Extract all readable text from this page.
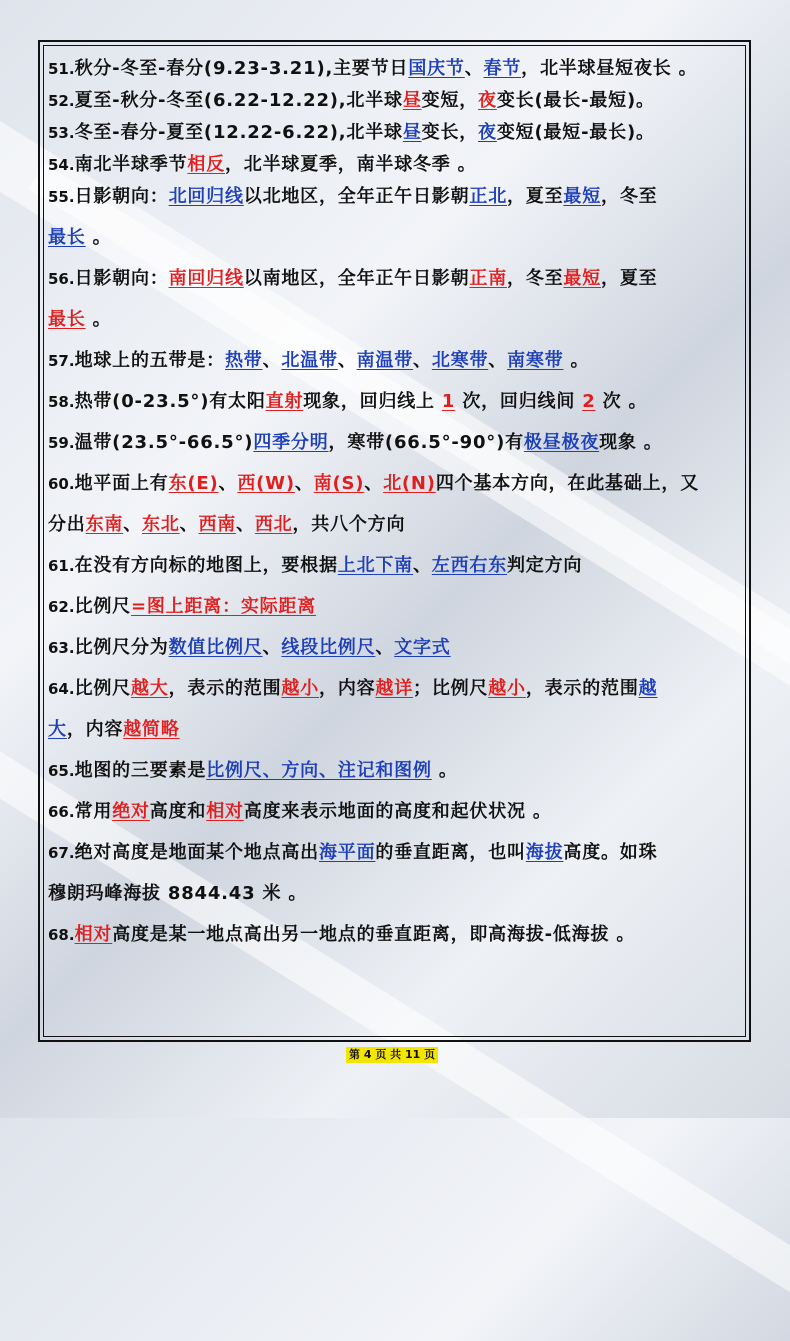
51.秋分-冬至-春分(9.23-3.21),主要节日国庆节、春节，北半球昼短夜长 。
52.夏至-秋分-冬至(6.22-12.22),北半球昼变短，夜变长(最长-最短)。
53.冬至-春分-夏至(12.22-6.22),北半球昼变长，夜变短(最短-最长)。
54.南北半球季节相反，北半球夏季，南半球冬季 。
55.日影朝向：北回归线以北地区，全年正午日影朝正北，夏至最短，冬至
最长 。
56.日影朝向：南回归线以南地区，全年正午日影朝正南，冬至最短，夏至
最长 。
57.地球上的五带是：热带、北温带、南温带、北寒带、南寒带 。
58.热带(0-23.5°)有太阳直射现象，回归线上 1 次，回归线间 2 次 。
59.温带(23.5°-66.5°)四季分明，寒带(66.5°-90°)有极昼极夜现象 。
60.地平面上有东(E)、西(W)、南(S)、北(N)四个基本方向，在此基础上，又
分出东南、东北、西南、西北，共八个方向
61.在没有方向标的地图上，要根据上北下南、左西右东判定方向
62.比例尺=图上距离：实际距离
63.比例尺分为数值比例尺、线段比例尺、文字式
64.比例尺越大，表示的范围越小，内容越详；比例尺越小，表示的范围越
大，内容越简略
65.地图的三要素是比例尺、方向、注记和图例 。
66.常用绝对高度和相对高度来表示地面的高度和起伏状况 。
67.绝对高度是地面某个地点高出海平面的垂直距离，也叫海拔高度。如珠
穆朗玛峰海拔 8844.43 米 。
68.相对高度是某一地点高出另一地点的垂直距离，即高海拔-低海拔 。
第 4 页 共 11 页
